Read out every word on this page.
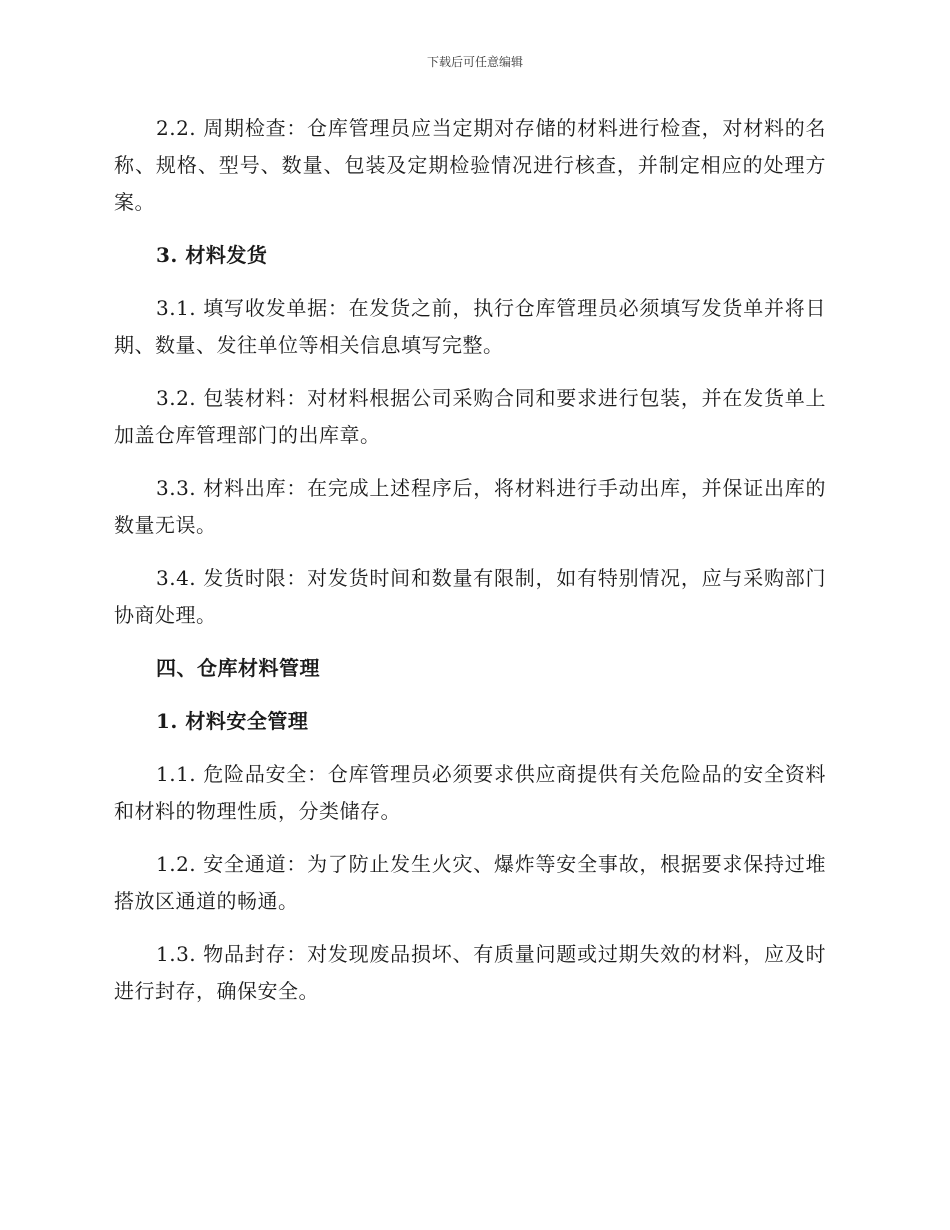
下载后可任意编辑

2.2. 周期检查：仓库管理员应当定期对存储的材料进行检查，对材料的名称、规格、型号、数量、包装及定期检验情况进行核查，并制定相应的处理方案。

3. 材料发货

3.1. 填写收发单据：在发货之前，执行仓库管理员必须填写发货单并将日期、数量、发往单位等相关信息填写完整。

3.2. 包装材料：对材料根据公司采购合同和要求进行包装，并在发货单上加盖仓库管理部门的出库章。

3.3. 材料出库：在完成上述程序后，将材料进行手动出库，并保证出库的数量无误。

3.4. 发货时限：对发货时间和数量有限制，如有特别情况，应与采购部门协商处理。

四、仓库材料管理

1. 材料安全管理

1.1. 危险品安全：仓库管理员必须要求供应商提供有关危险品的安全资料和材料的物理性质，分类储存。

1.2. 安全通道：为了防止发生火灾、爆炸等安全事故，根据要求保持过堆搭放区通道的畅通。

1.3. 物品封存：对发现废品损坏、有质量问题或过期失效的材料，应及时进行封存，确保安全。
